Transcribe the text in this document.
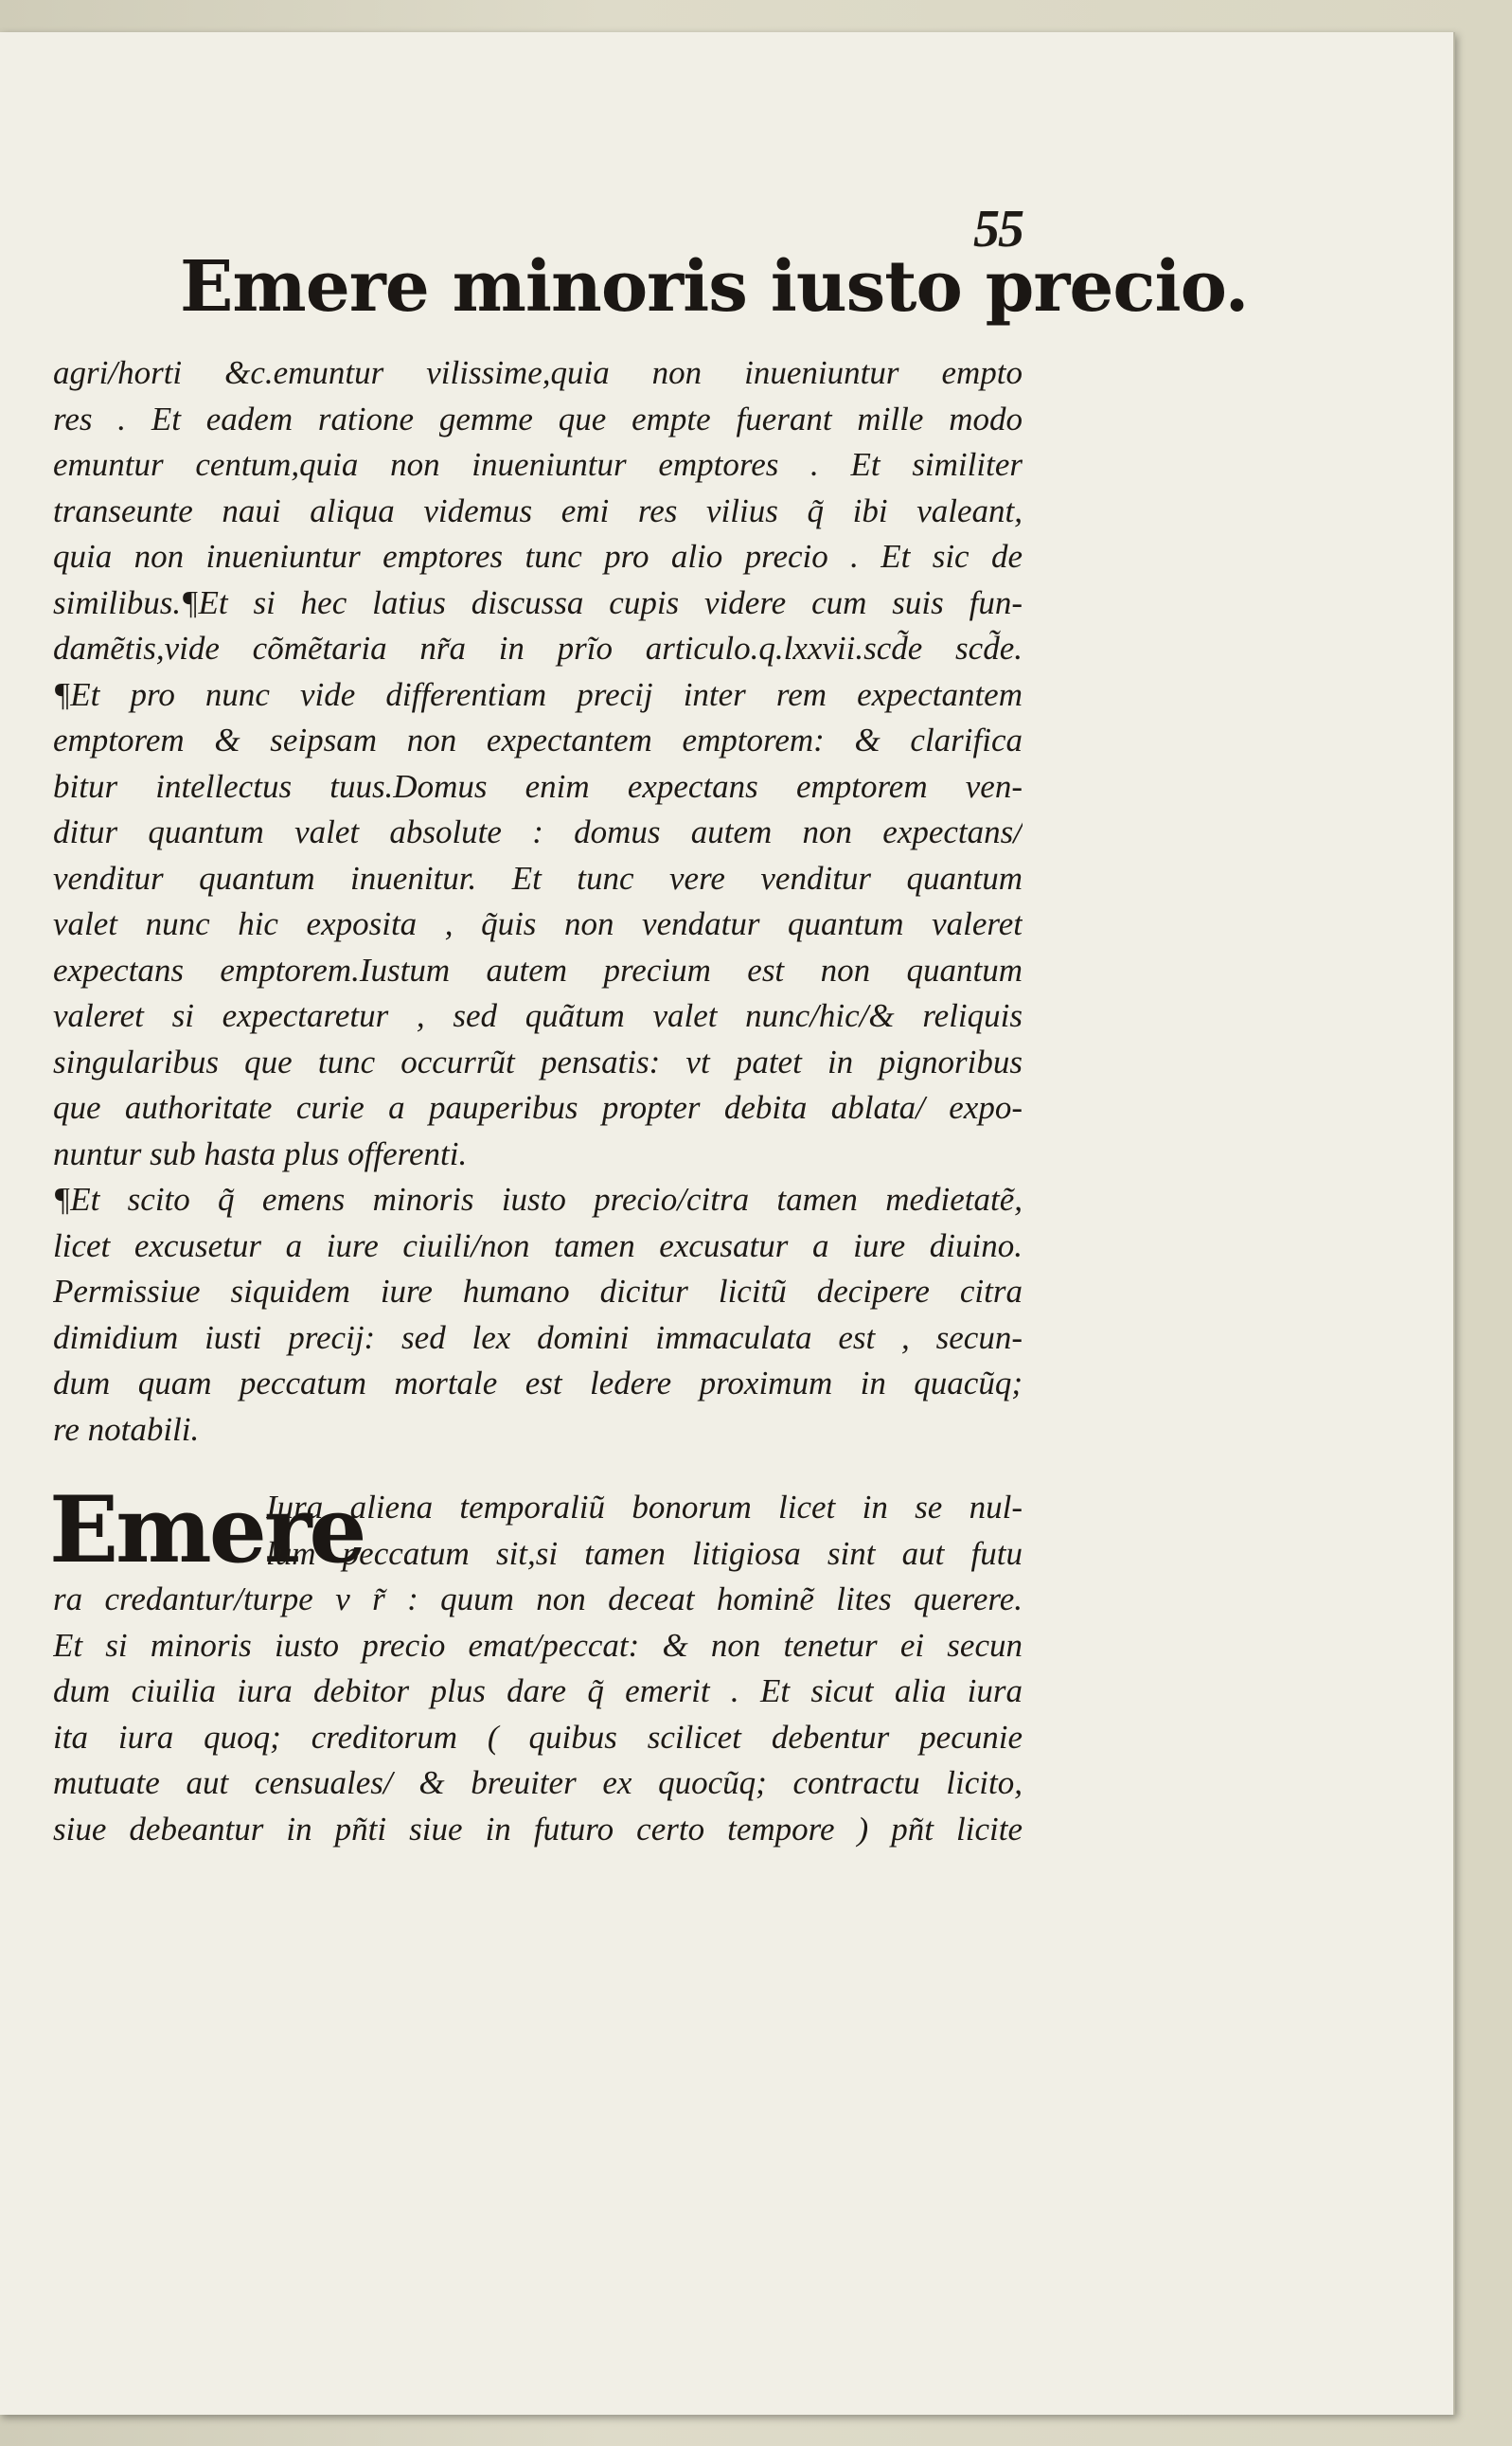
55
Emere minoris iusto precio.
agri/horti &c.emuntur vilissime,quia non inueniuntur empto
res . Et eadem ratione gemme que empte fuerant mille modo
emuntur centum,quia non inueniuntur emptores . Et similiter
transeunte naui aliqua videmus emi res vilius q̃ ibi valeant,
quia non inueniuntur emptores tunc pro alio precio . Et sic de
similibus.¶Et si hec latius discussa cupis videre cum suis fun-
damẽtis,vide cõmẽtaria nr̃a in prĩo articulo.q.lxxvii.scd̃e scd̃e.
¶Et pro nunc vide differentiam precij inter rem expectantem
emptorem & seipsam non expectantem emptorem: & clarifica
bitur intellectus tuus.Domus enim expectans emptorem ven-
ditur quantum valet absolute : domus autem non expectans/
venditur quantum inuenitur. Et tunc vere venditur quantum
valet nunc hic exposita , q̃uis non vendatur quantum valeret
expectans emptorem.Iustum autem precium est non quantum
valeret si expectaretur , sed quãtum valet nunc/hic/& reliquis
singularibus que tunc occurrũt pensatis: vt patet in pignoribus
que authoritate curie a pauperibus propter debita ablata/ expo-
nuntur sub hasta plus offerenti.
¶Et scito q̃ emens minoris iusto precio/citra tamen medietatẽ,
licet excusetur a iure ciuili/non tamen excusatur a iure diuino.
Permissiue siquidem iure humano dicitur licitũ decipere citra
dimidium iusti precij: sed lex domini immaculata est , secun-
dum quam peccatum mortale est ledere proximum in quacũq;
re notabili.
Emere
Iura aliena temporaliũ bonorum licet in se nul-
lum peccatum sit,si tamen litigiosa sint aut futu
ra credantur/turpe v r̃ : quum non deceat hominẽ lites querere.
Et si minoris iusto precio emat/peccat: & non tenetur ei secun
dum ciuilia iura debitor plus dare q̃ emerit . Et sicut alia iura
ita iura quoq; creditorum ( quibus scilicet debentur pecunie
mutuate aut censuales/ & breuiter ex quocũq; contractu licito,
siue debeantur in pñti siue in futuro certo tempore ) pñt licite
